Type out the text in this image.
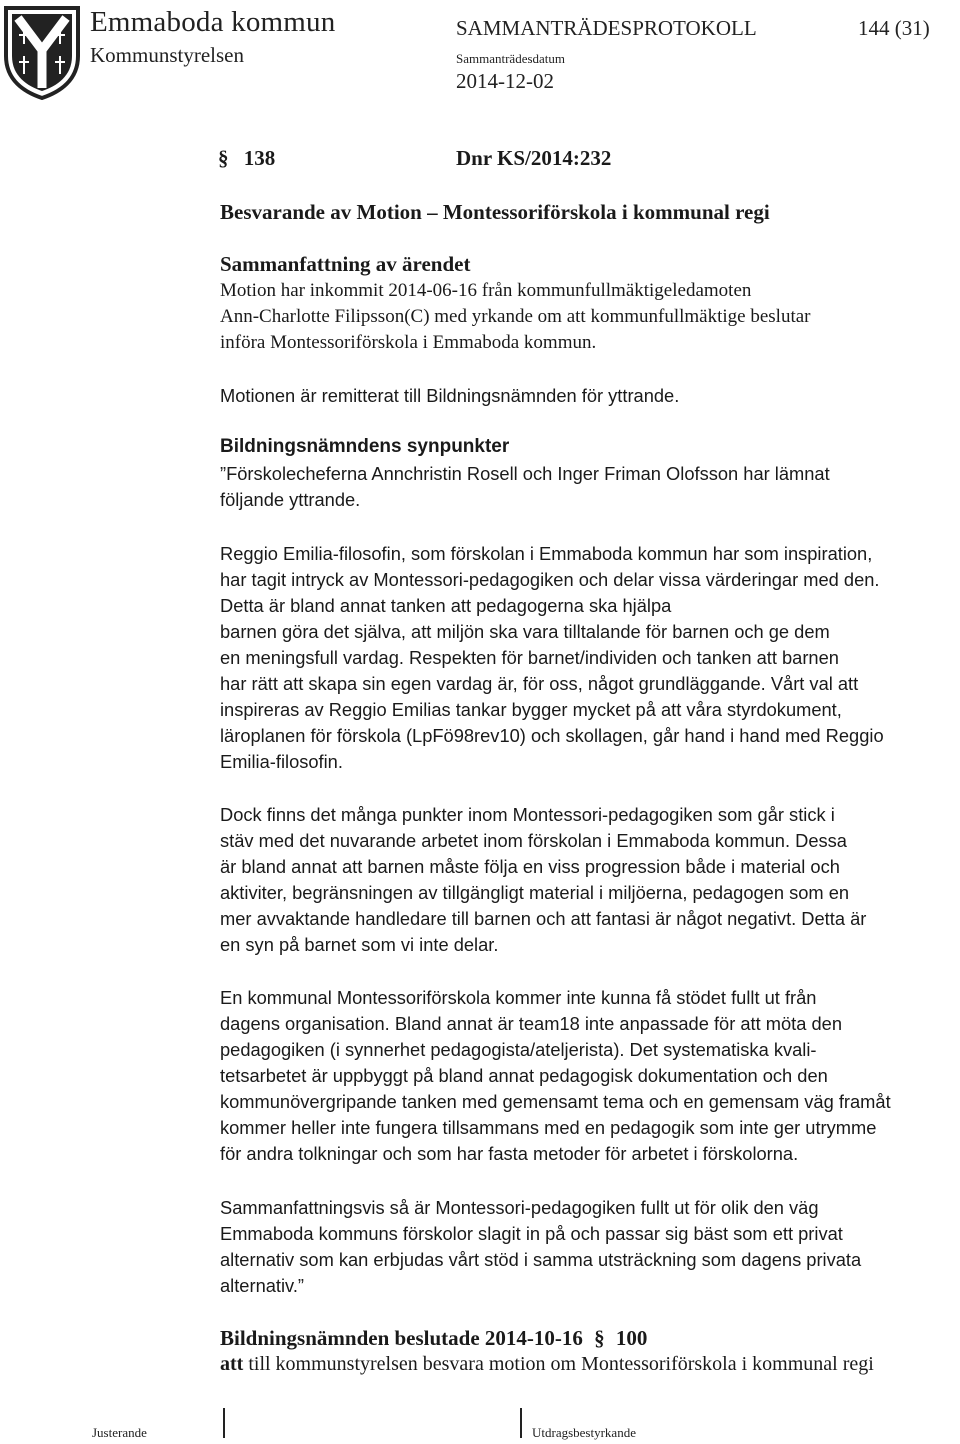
Emmaboda kommun
Kommunstyrelsen
SAMMANTRÄDESPROTOKOLL	144 (31)
Sammanträdesdatum
2014-12-02
§ 138	Dnr KS/2014:232
Besvarande av Motion – Montessoriförskola i kommunal regi
Sammanfattning av ärendet
Motion har inkommit 2014-06-16 från kommunfullmäktigeledamoten
Ann-Charlotte Filipsson(C) med yrkande om att kommunfullmäktige beslutar
införa Montessoriförskola i Emmaboda kommun.
Motionen är remitterat till Bildningsnämnden för yttrande.
Bildningsnämndens synpunkter
”Förskolecheferna Annchristin Rosell och Inger Friman Olofsson har lämnat
följande yttrande.
Reggio Emilia-filosofin, som förskolan i Emmaboda kommun har som inspiration,
har tagit intryck av Montessori-pedagogiken och delar vissa värderingar med den.
Detta är bland annat tanken att pedagogerna ska hjälpa
barnen göra det själva, att miljön ska vara tilltalande för barnen och ge dem
en meningsfull vardag. Respekten för barnet/individen och tanken att barnen
har rätt att skapa sin egen vardag är, för oss, något grundläggande. Vårt val att
inspireras av Reggio Emilias tankar bygger mycket på att våra styrdokument,
läroplanen för förskola (LpFö98rev10) och skollagen, går hand i hand med Reggio
Emilia-filosofin.
Dock finns det många punkter inom Montessori-pedagogiken som går stick i
stäv med det nuvarande arbetet inom förskolan i Emmaboda kommun. Dessa
är bland annat att barnen måste följa en viss progression både i material och
aktiviter, begränsningen av tillgängligt material i miljöerna, pedagogen som en
mer avvaktande handledare till barnen och att fantasi är något negativt. Detta är
en syn på barnet som vi inte delar.
En kommunal Montessoriförskola kommer inte kunna få stödet fullt ut från
dagens organisation. Bland annat är team18 inte anpassade för att möta den
pedagogiken (i synnerhet pedagogista/ateljerista). Det systematiska kvali-
tetsarbetet är uppbyggt på bland annat pedagogisk dokumentation och den
kommunövergripande tanken med gemensamt tema och en gemensam väg framåt
kommer heller inte fungera tillsammans med en pedagogik som inte ger utrymme
för andra tolkningar och som har fasta metoder för arbetet i förskolorna.
Sammanfattningsvis så är Montessori-pedagogiken fullt ut för olik den väg
Emmaboda kommuns förskolor slagit in på och passar sig bäst som ett privat
alternativ som kan erbjudas vårt stöd i samma utsträckning som dagens privata
alternativ.”
Bildningsnämnden beslutade 2014-10-16 § 100
att till kommunstyrelsen besvara motion om Montessoriförskola i kommunal regi
Justerande	Utdragsbestyrkande
